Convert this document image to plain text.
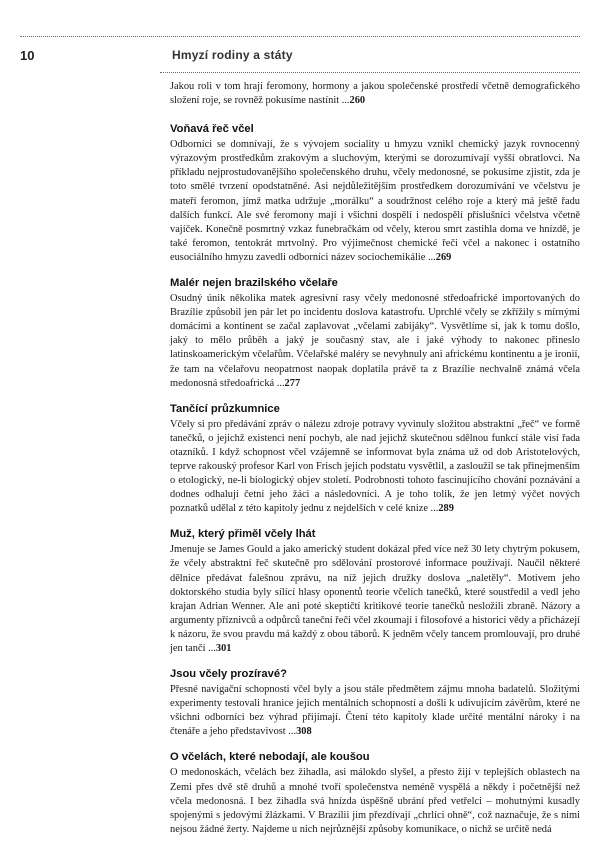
10	Hmyzí rodiny a státy

Jakou roli v tom hrají feromony, hormony a jakou společenské prostředí včetně demografického složení roje, se rovněž pokusíme nastínit ...260

Voňavá řeč včel

Odborníci se domnívají, že s vývojem sociality u hmyzu vznikl chemický jazyk rovnocenný výrazovým prostředkům zrakovým a sluchovým, kterými se dorozumívají vyšší obratlovci. Na příkladu nejprostudovanějšího společenského druhu, včely medonosné, se pokusíme zjistit, zda je toto smělé tvrzení opodstatněné. Asi nejdůležitějším prostředkem dorozumívání ve včelstvu je mateří feromon, jímž matka udržuje „morálku“ a soudržnost celého roje a který má ještě řadu dalších funkcí. Ale své feromony mají i všichni dospělí i nedospělí příslušníci včelstva včetně vajíček. Konečně posmrtný vzkaz funebračkám od včely, kterou smrt zastihla doma ve hnízdě, je také feromon, tentokrát mrtvolný. Pro výjimečnost chemické řeči včel a nakonec i ostatního eusociálního hmyzu zavedli odborníci název sociochemikálie ...269

Malér nejen brazilského včelaře

Osudný únik několika matek agresivní rasy včely medonosné středoafrické importovaných do Brazílie způsobil jen pár let po incidentu doslova katastrofu. Uprchlé včely se zkřížily s mírnými domácími a kontinent se začal zaplavovat „včelami zabijáky“. Vysvětlíme si, jak k tomu došlo, jaký to mělo průběh a jaký je současný stav, ale i jaké výhody to nakonec přineslo latinskoamerickým včelařům. Včelařské maléry se nevyhnuly ani africkému kontinentu a je ironií, že tam na včelařovu neopatrnost naopak doplatila právě ta z Brazílie nechvalně známá včela medonosná středoafrická ...277

Tančící průzkumnice

Včely si pro předávání zpráv o nálezu zdroje potravy vyvinuly složitou abstraktní „řeč“ ve formě tanečků, o jejichž existenci není pochyb, ale nad jejichž skutečnou sdělnou funkcí stále visí řada otazníků. I když schopnost včel vzájemně se informovat byla známa už od dob Aristotelových, teprve rakouský profesor Karl von Frisch jejich podstatu vysvětlil, a zasloužil se tak přinejmenším o etologický, ne-li biologický objev století. Podrobnosti tohoto fascinujícího chování poznávání a dodnes odhalují četní jeho žáci a následovníci. A je toho tolik, že jen letmý výčet nových poznatků udělal z této kapitoly jednu z nejdelších v celé knize ...289

Muž, který přiměl včely lhát

Jmenuje se James Gould a jako americký student dokázal před více než 30 lety chytrým pokusem, že včely abstraktní řeč skutečně pro sdělování prostorové informace používají. Naučil některé dělnice předávat falešnou zprávu, na níž jejich družky doslova „naletěly“. Motivem jeho doktorského studia byly sílící hlasy oponentů teorie včelích tanečků, které soustředil a vedl jeho krajan Adrian Wenner. Ale ani poté skeptičtí kritikové teorie tanečků nesložili zbraně. Názory a argumenty příznivců a odpůrců taneční řeči včel zkoumají i filosofové a historici vědy a přicházejí k názoru, že svou pravdu má každý z obou táborů. K jedněm včely tancem promlouvají, pro druhé jen tančí ...301

Jsou včely prozíravé?

Přesné navigační schopnosti včel byly a jsou stále předmětem zájmu mnoha badatelů. Složitými experimenty testovali hranice jejich mentálních schopností a došli k udivujícím závěrům, které ne všichni odborníci bez výhrad přijímají. Čtení této kapitoly klade určité mentální nároky i na čtenáře a jeho představivost ...308

O včelách, které nebodají, ale koušou

O medonoskách, včelách bez žihadla, asi málokdo slyšel, a přesto žijí v teplejších oblastech na Zemi přes dvě stě druhů a mnohé tvoří společenstva neméně vyspělá a někdy i početnější než včela medonosná. I bez žihadla svá hnízda úspěšně ubrání před vetřelci – mohutnými kusadly spojenými s jedovými žlázkami. V Brazílii jim přezdívají „chrlíci ohně“, což naznačuje, že s nimi nejsou žádné žerty. Najdeme u nich nejrůznější způsoby komunikace, o nichž se určitě nedá
